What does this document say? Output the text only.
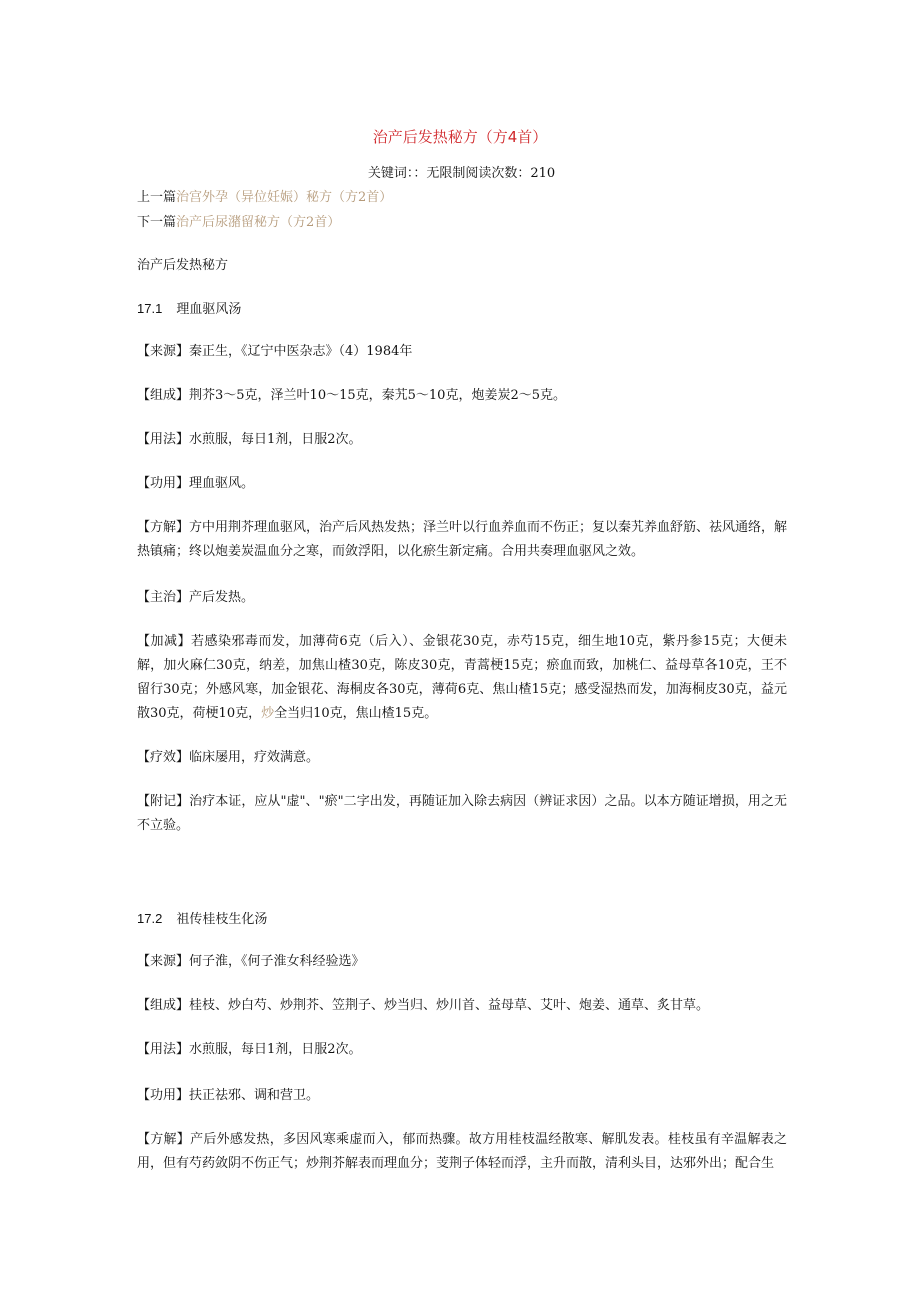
治产后发热秘方（方4首）
关键词：：无限制阅读次数：210
上一篇治宫外孕（异位妊娠）秘方（方2首）
下一篇治产后尿潴留秘方（方2首）
治产后发热秘方
17.1 理血驱风汤
【来源】秦正生，《辽宁中医杂志》（4）1984年
【组成】荆芥3～5克，泽兰叶10～15克，秦艽5～10克，炮姜炭2～5克。
【用法】水煎服，每日1剂，日服2次。
【功用】理血驱风。
【方解】方中用荆芥理血驱风，治产后风热发热；泽兰叶以行血养血而不伤正；复以秦艽养血舒筋、祛风通络，解热镇痛；终以炮姜炭温血分之寒，而敛浮阳，以化瘀生新定痛。合用共奏理血驱风之效。
【主治】产后发热。
【加减】若感染邪毒而发，加薄荷6克（后入）、金银花30克，赤芍15克，细生地10克，紫丹参15克；大便未解，加火麻仁30克，纳差，加焦山楂30克，陈皮30克，青蒿梗15克；瘀血而致，加桃仁、益母草各10克，王不留行30克；外感风寒，加金银花、海桐皮各30克，薄荷6克、焦山楂15克；感受湿热而发，加海桐皮30克，益元散30克，荷梗10克，炒全当归10克，焦山楂15克。
【疗效】临床屡用，疗效满意。
【附记】治疗本证，应从"虚"、"瘀"二字出发，再随证加入除去病因（辨证求因）之品。以本方随证增损，用之无不立验。
17.2 祖传桂枝生化汤
【来源】何子淮，《何子淮女科经验选》
【组成】桂枝、炒白芍、炒荆芥、笠荆子、炒当归、炒川首、益母草、艾叶、炮姜、通草、炙甘草。
【用法】水煎服，每日1剂，日服2次。
【功用】扶正祛邪、调和营卫。
【方解】产后外感发热，多因风寒乘虚而入，郁而热骤。故方用桂枝温经散寒、解肌发表。桂枝虽有辛温解表之用，但有芍药敛阴不伤正气；炒荆芥解表而理血分；芰荆子体轻而浮，主升而散，清利头目，达邪外出；配合生
